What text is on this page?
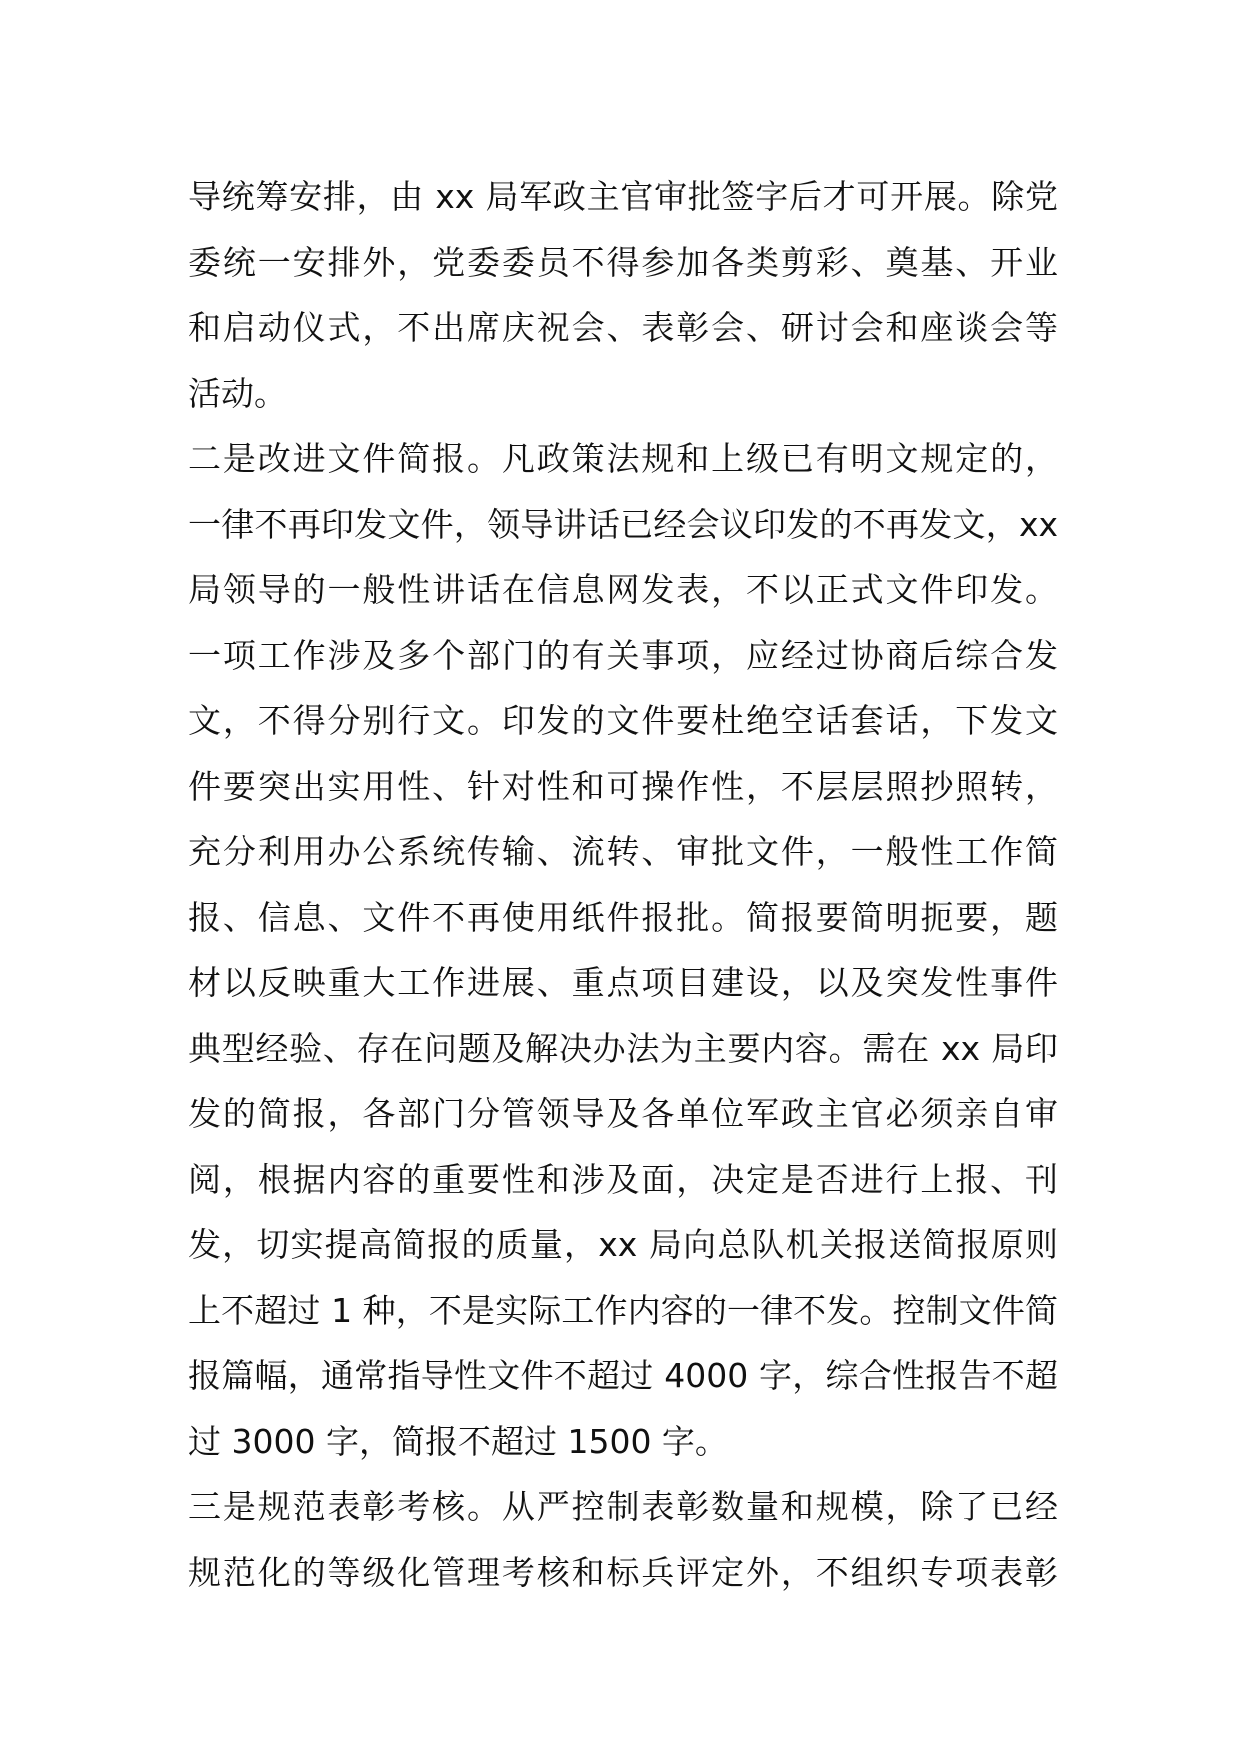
导统筹安排，由 xx 局军政主官审批签字后才可开展。除党
委统一安排外，党委委员不得参加各类剪彩、奠基、开业
和启动仪式，不出席庆祝会、表彰会、研讨会和座谈会等
活动。
二是改进文件简报。凡政策法规和上级已有明文规定的，
一律不再印发文件，领导讲话已经会议印发的不再发文，xx
局领导的一般性讲话在信息网发表，不以正式文件印发。
一项工作涉及多个部门的有关事项，应经过协商后综合发
文，不得分别行文。印发的文件要杜绝空话套话，下发文
件要突出实用性、针对性和可操作性，不层层照抄照转，
充分利用办公系统传输、流转、审批文件，一般性工作简
报、信息、文件不再使用纸件报批。简报要简明扼要，题
材以反映重大工作进展、重点项目建设，以及突发性事件
典型经验、存在问题及解决办法为主要内容。需在 xx 局印
发的简报，各部门分管领导及各单位军政主官必须亲自审
阅，根据内容的重要性和涉及面，决定是否进行上报、刊
发，切实提高简报的质量，xx 局向总队机关报送简报原则
上不超过 1 种，不是实际工作内容的一律不发。控制文件简
报篇幅，通常指导性文件不超过 4000 字，综合性报告不超
过 3000 字，简报不超过 1500 字。
三是规范表彰考核。从严控制表彰数量和规模，除了已经
规范化的等级化管理考核和标兵评定外，不组织专项表彰
